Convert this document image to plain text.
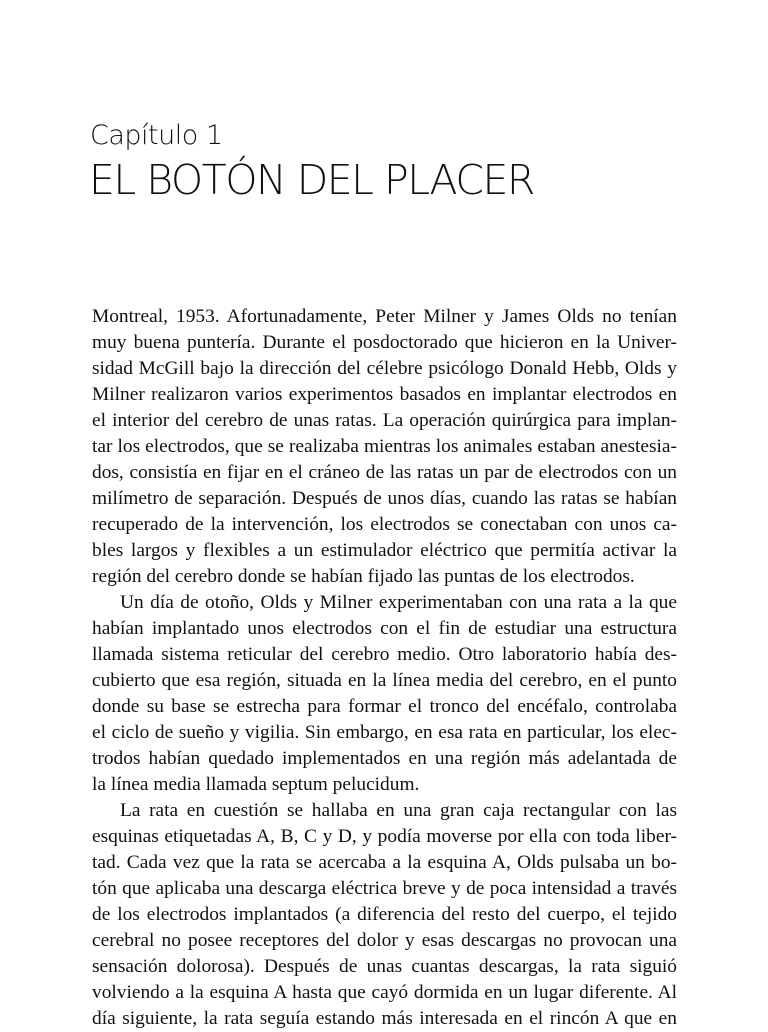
Capítulo 1
EL BOTÓN DEL PLACER
Montreal, 1953. Afortunadamente, Peter Milner y James Olds no tenían
muy buena puntería. Durante el posdoctorado que hicieron en la Univer-
sidad McGill bajo la dirección del célebre psicólogo Donald Hebb, Olds y
Milner realizaron varios experimentos basados en implantar electrodos en
el interior del cerebro de unas ratas. La operación quirúrgica para implan-
tar los electrodos, que se realizaba mientras los animales estaban anestesia-
dos, consistía en fijar en el cráneo de las ratas un par de electrodos con un
milímetro de separación. Después de unos días, cuando las ratas se habían
recuperado de la intervención, los electrodos se conectaban con unos ca-
bles largos y flexibles a un estimulador eléctrico que permitía activar la
región del cerebro donde se habían fijado las puntas de los electrodos.
Un día de otoño, Olds y Milner experimentaban con una rata a la que
habían implantado unos electrodos con el fin de estudiar una estructura
llamada sistema reticular del cerebro medio. Otro laboratorio había des-
cubierto que esa región, situada en la línea media del cerebro, en el punto
donde su base se estrecha para formar el tronco del encéfalo, controlaba
el ciclo de sueño y vigilia. Sin embargo, en esa rata en particular, los elec-
trodos habían quedado implementados en una región más adelantada de
la línea media llamada septum pelucidum.
La rata en cuestión se hallaba en una gran caja rectangular con las
esquinas etiquetadas A, B, C y D, y podía moverse por ella con toda liber-
tad. Cada vez que la rata se acercaba a la esquina A, Olds pulsaba un bo-
tón que aplicaba una descarga eléctrica breve y de poca intensidad a través
de los electrodos implantados (a diferencia del resto del cuerpo, el tejido
cerebral no posee receptores del dolor y esas descargas no provocan una
sensación dolorosa). Después de unas cuantas descargas, la rata siguió
volviendo a la esquina A hasta que cayó dormida en un lugar diferente. Al
día siguiente, la rata seguía estando más interesada en el rincón A que en
